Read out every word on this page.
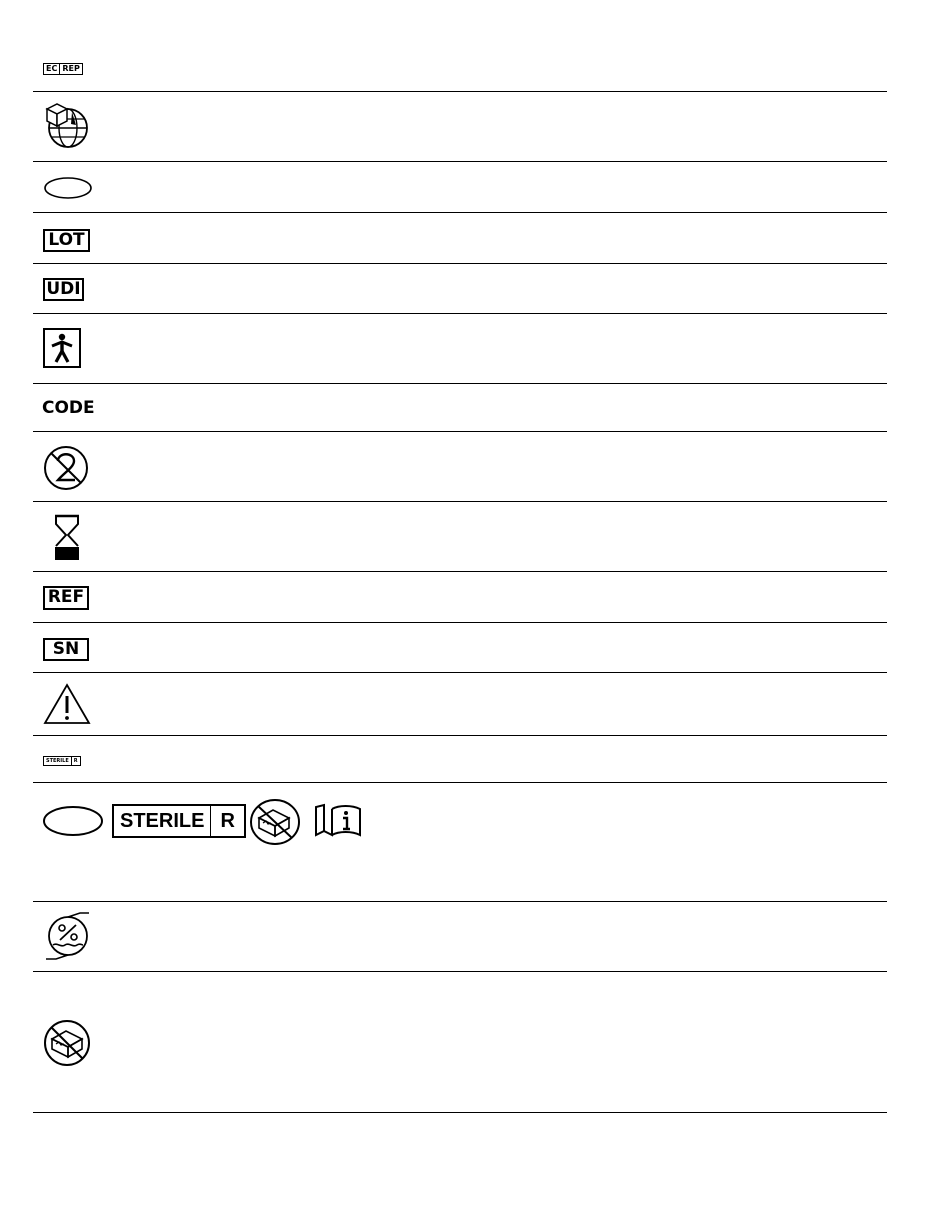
EC REP
LOT
UDI
CODE
REF
SN
STERILE	R
STERILE R
